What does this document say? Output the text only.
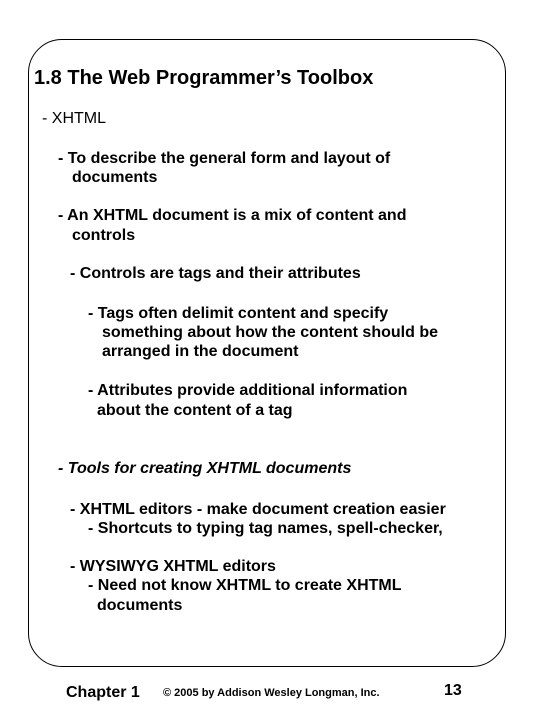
1.8 The Web Programmer’s Toolbox
- XHTML
- To describe the general form and layout of
documents
- An XHTML document is a mix of content and
controls
- Controls are tags and their attributes
- Tags often delimit content and specify
something about how the content should be
arranged in the document
- Attributes provide additional information
about the content of a tag
- Tools for creating XHTML documents
- XHTML editors - make document creation easier
- Shortcuts to typing tag names, spell-checker,
- WYSIWYG XHTML editors
- Need not know XHTML to create XHTML
documents
Chapter 1 © 2005 by Addison Wesley Longman, Inc.	13
